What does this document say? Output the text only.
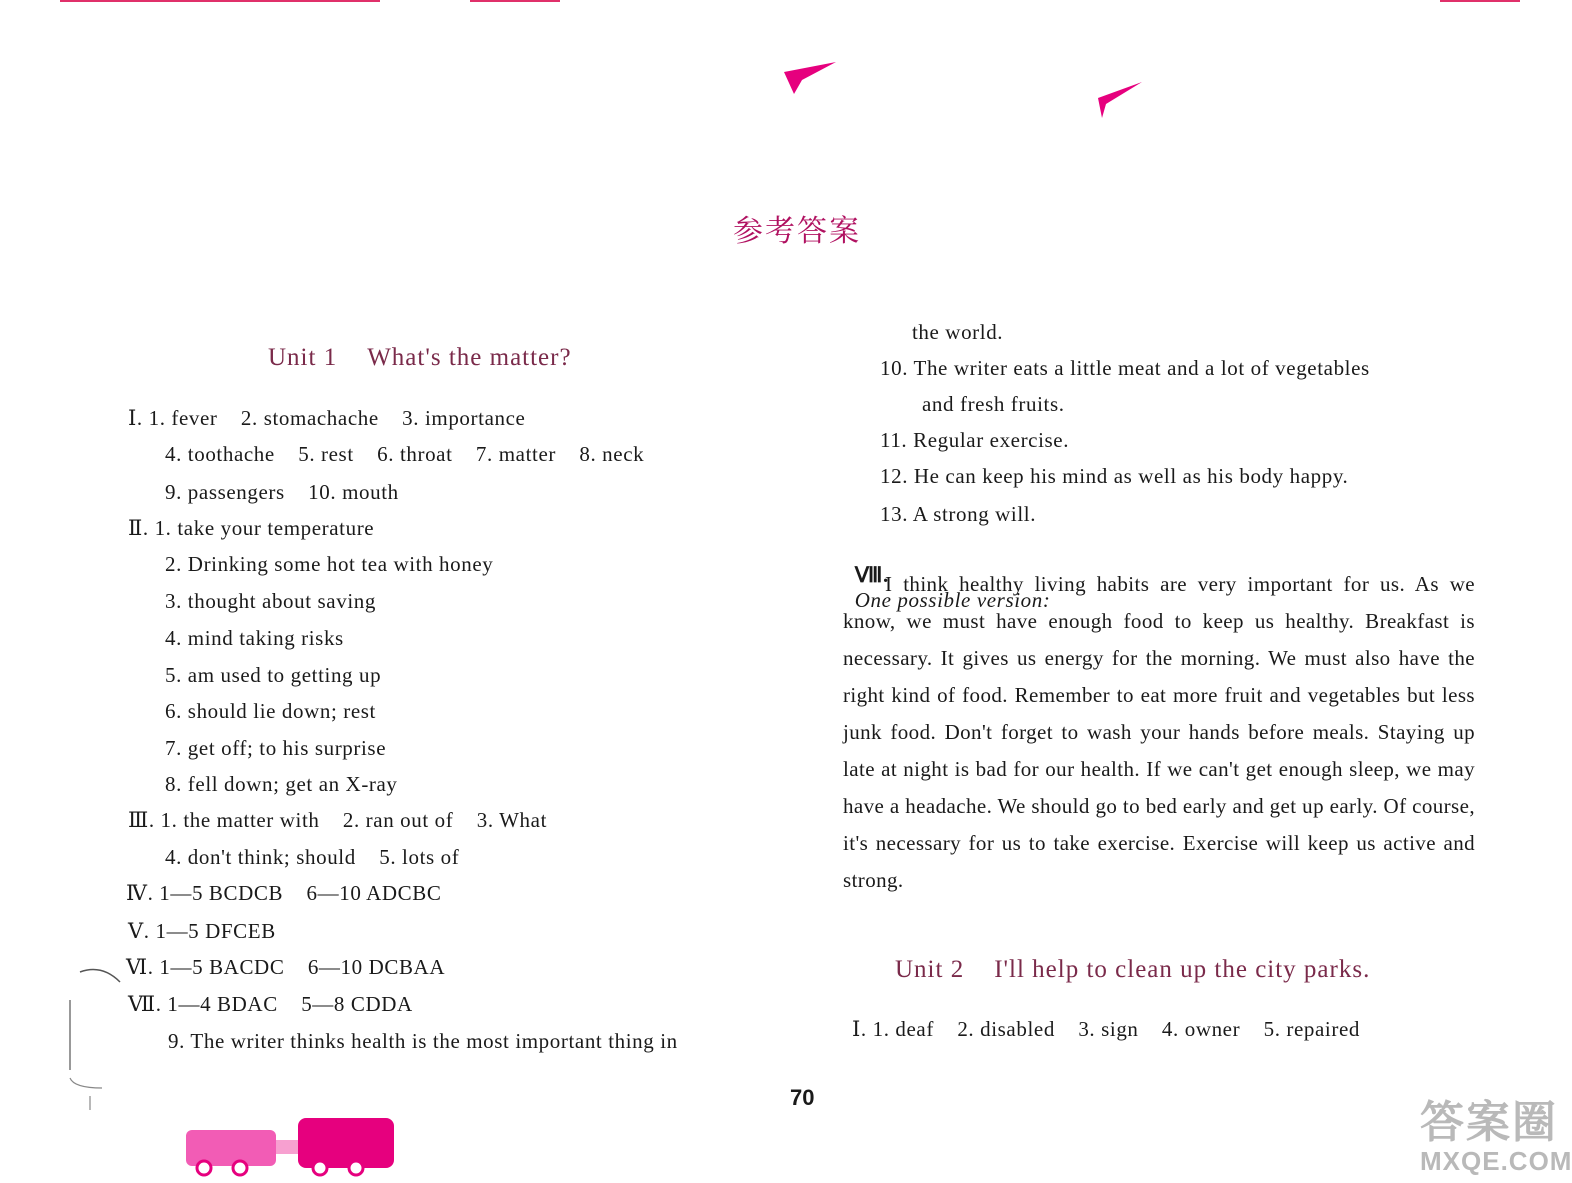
参考答案
Unit 1 What's the matter?
Ⅰ. 1. fever    2. stomachache    3. importance
4. toothache    5. rest    6. throat    7. matter    8. neck
9. passengers    10. mouth
Ⅱ. 1. take your temperature
2. Drinking some hot tea with honey
3. thought about saving
4. mind taking risks
5. am used to getting up
6. should lie down; rest
7. get off; to his surprise
8. fell down; get an X-ray
Ⅲ. 1. the matter with    2. ran out of    3. What
4. don't think; should    5. lots of
Ⅳ. 1—5 BCDCB    6—10 ADCBC
Ⅴ. 1—5 DFCEB
Ⅵ. 1—5 BACDC    6—10 DCBAA
Ⅶ. 1—4 BDAC    5—8 CDDA
9. The writer thinks health is the most important thing in
the world.
10. The writer eats a little meat and a lot of vegetables
and fresh fruits.
11. Regular exercise.
12. He can keep his mind as well as his body happy.
13. A strong will.

Ⅷ.
One possible version:

I think healthy living habits are very important for us. As we know, we must have enough food to keep us healthy. Breakfast is necessary. It gives us energy for the morning. We must also have the right kind of food. Remember to eat more fruit and vegetables but less junk food. Don't forget to wash your hands before meals. Staying up late at night is bad for our health. If we can't get enough sleep, we may have a headache. We should go to bed early and get up early. Of course, it's necessary for us to take exercise. Exercise will keep us active and strong.

Unit 2 I'll help to clean up the city parks.
Ⅰ. 1. deaf    2. disabled    3. sign    4. owner    5. repaired
70
答案圈
MXQE.COM
